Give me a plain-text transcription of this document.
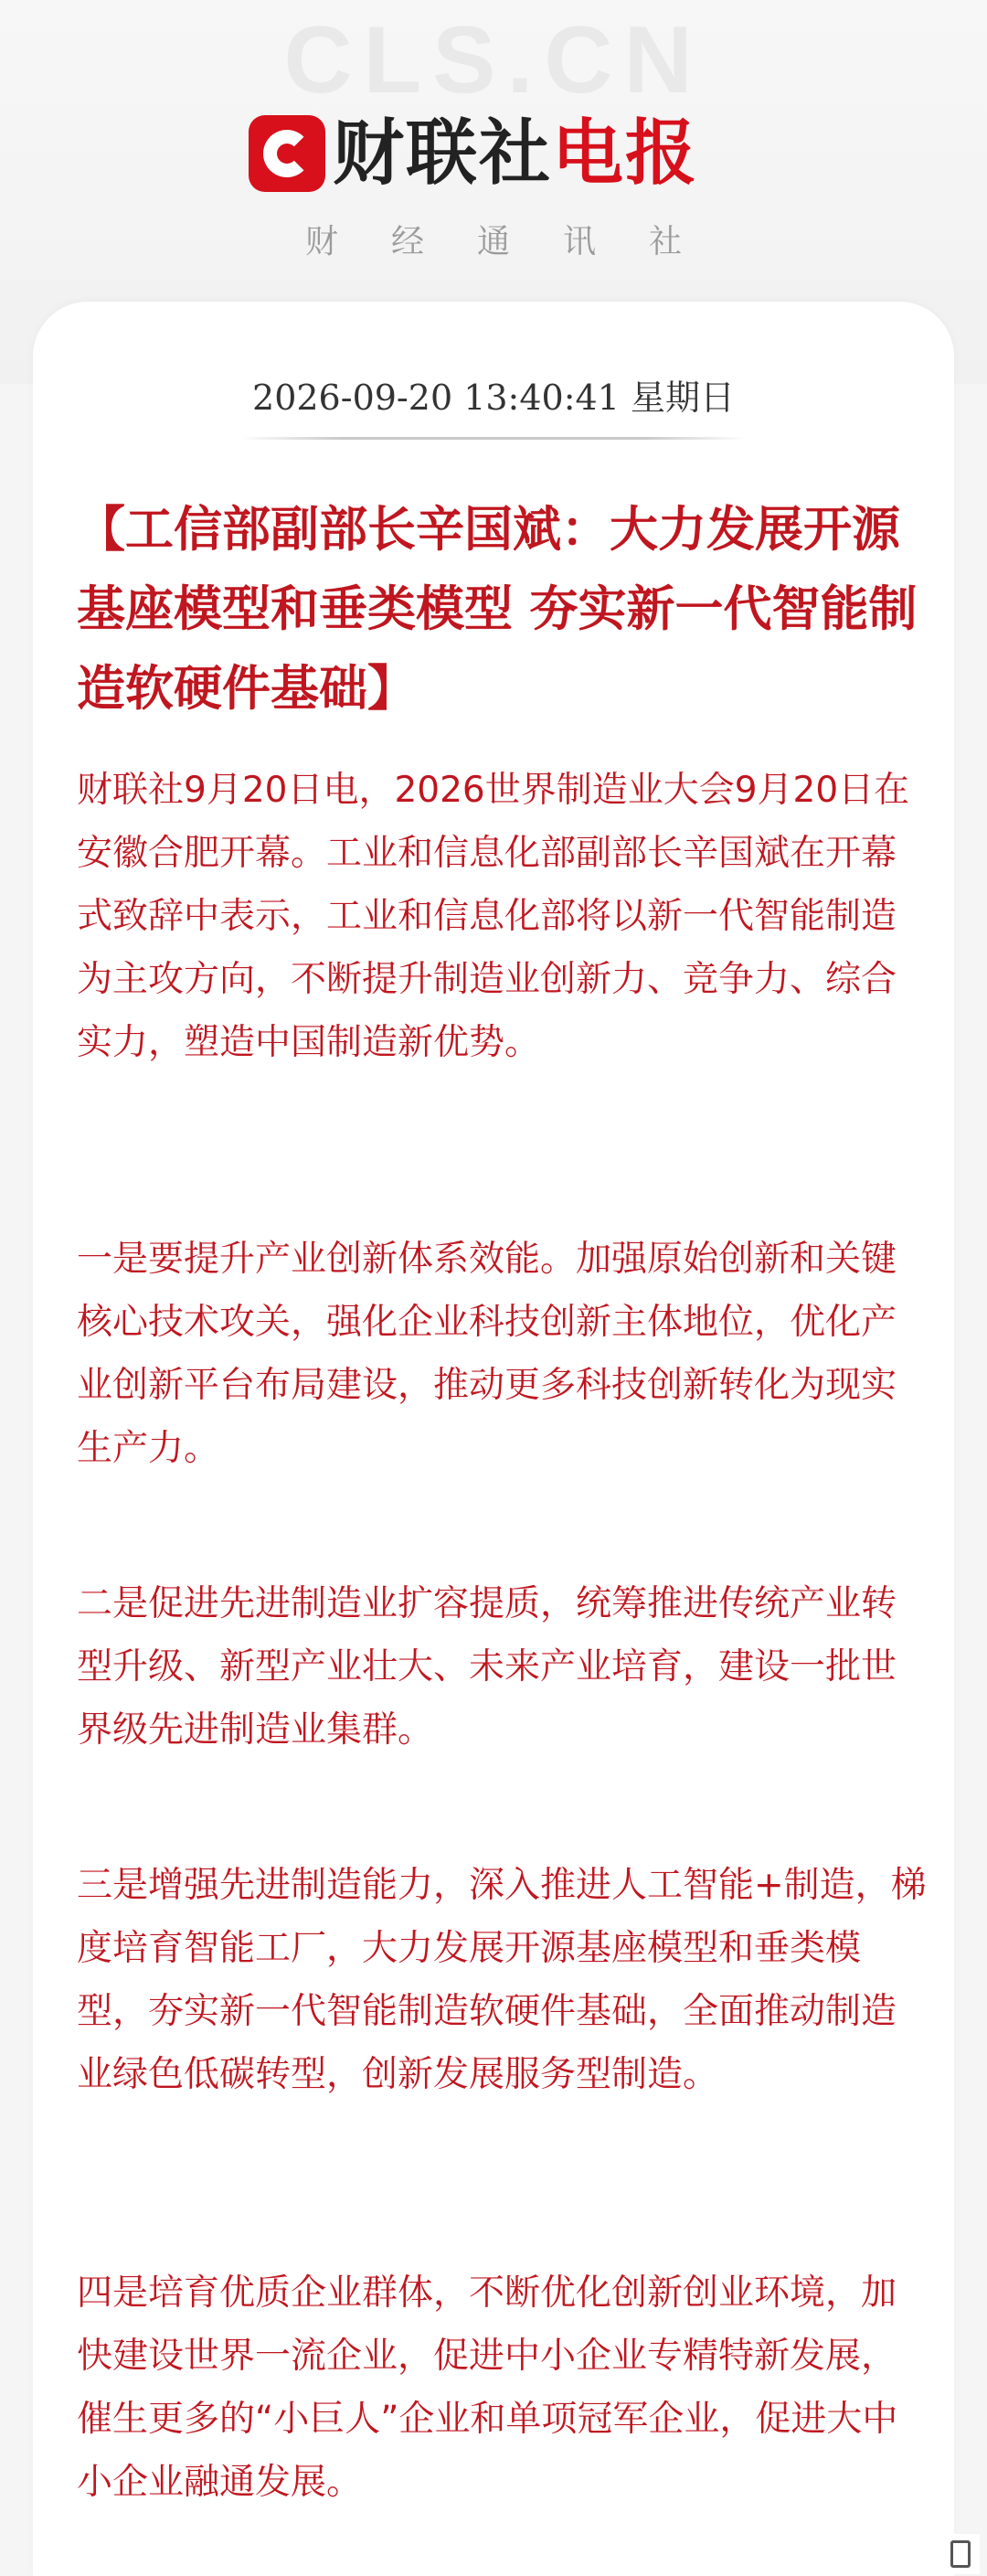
CLS.CN
财联社电报
财经通讯社
2026-09-20 13:40:41 星期日
【工信部副部长辛国斌：大力发展开源基座模型和垂类模型 夯实新一代智能制造软硬件基础】

财联社9月20日电，2026世界制造业大会9月20日在安徽合肥开幕。工业和信息化部副部长辛国斌在开幕式致辞中表示，工业和信息化部将以新一代智能制造为主攻方向，不断提升制造业创新力、竞争力、综合实力，塑造中国制造新优势。

一是要提升产业创新体系效能。加强原始创新和关键核心技术攻关，强化企业科技创新主体地位，优化产业创新平台布局建设，推动更多科技创新转化为现实生产力。

二是促进先进制造业扩容提质，统筹推进传统产业转型升级、新型产业壮大、未来产业培育，建设一批世界级先进制造业集群。

三是增强先进制造能力，深入推进人工智能+制造，梯度培育智能工厂，大力发展开源基座模型和垂类模型，夯实新一代智能制造软硬件基础，全面推动制造业绿色低碳转型，创新发展服务型制造。

四是培育优质企业群体，不断优化创新创业环境，加快建设世界一流企业，促进中小企业专精特新发展，催生更多的“小巨人”企业和单项冠军企业，促进大中小企业融通发展。
